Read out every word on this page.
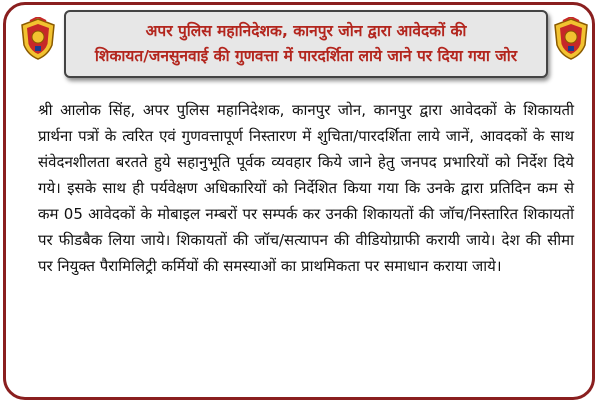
अपर पुलिस महानिदेशक, कानपुर जोन द्वारा आवेदकों की
शिकायत/जनसुनवाई की गुणवत्ता में पारदर्शिता लाये जाने पर दिया गया जोर
श्री आलोक सिंह, अपर पुलिस महानिदेशक, कानपुर जोन, कानपुर द्वारा आवेदकों के शिकायती प्रार्थना पत्रों के त्वरित एवं गुणवत्तापूर्ण निस्तारण में शुचिता/पारदर्शिता लाये जानें, आवदकों के साथ संवेदनशीलता बरतते हुये सहानुभूति पूर्वक व्यवहार किये जाने हेतु जनपद प्रभारियों को निर्देश दिये गये। इसके साथ ही पर्यवेक्षण अधिकारियों को निर्देशित किया गया कि उनके द्वारा प्रतिदिन कम से कम 05 आवेदकों के मोबाइल नम्बरों पर सम्पर्क कर उनकी शिकायतों की जॉच/निस्तारित शिकायतों पर फीडबैक लिया जाये। शिकायतों की जॉच/सत्यापन की वीडियोग्राफी करायी जाये। देश की सीमा पर नियुक्त पैरामिलिट्री कर्मियों की समस्याओं का प्राथमिकता पर समाधान कराया जाये।
